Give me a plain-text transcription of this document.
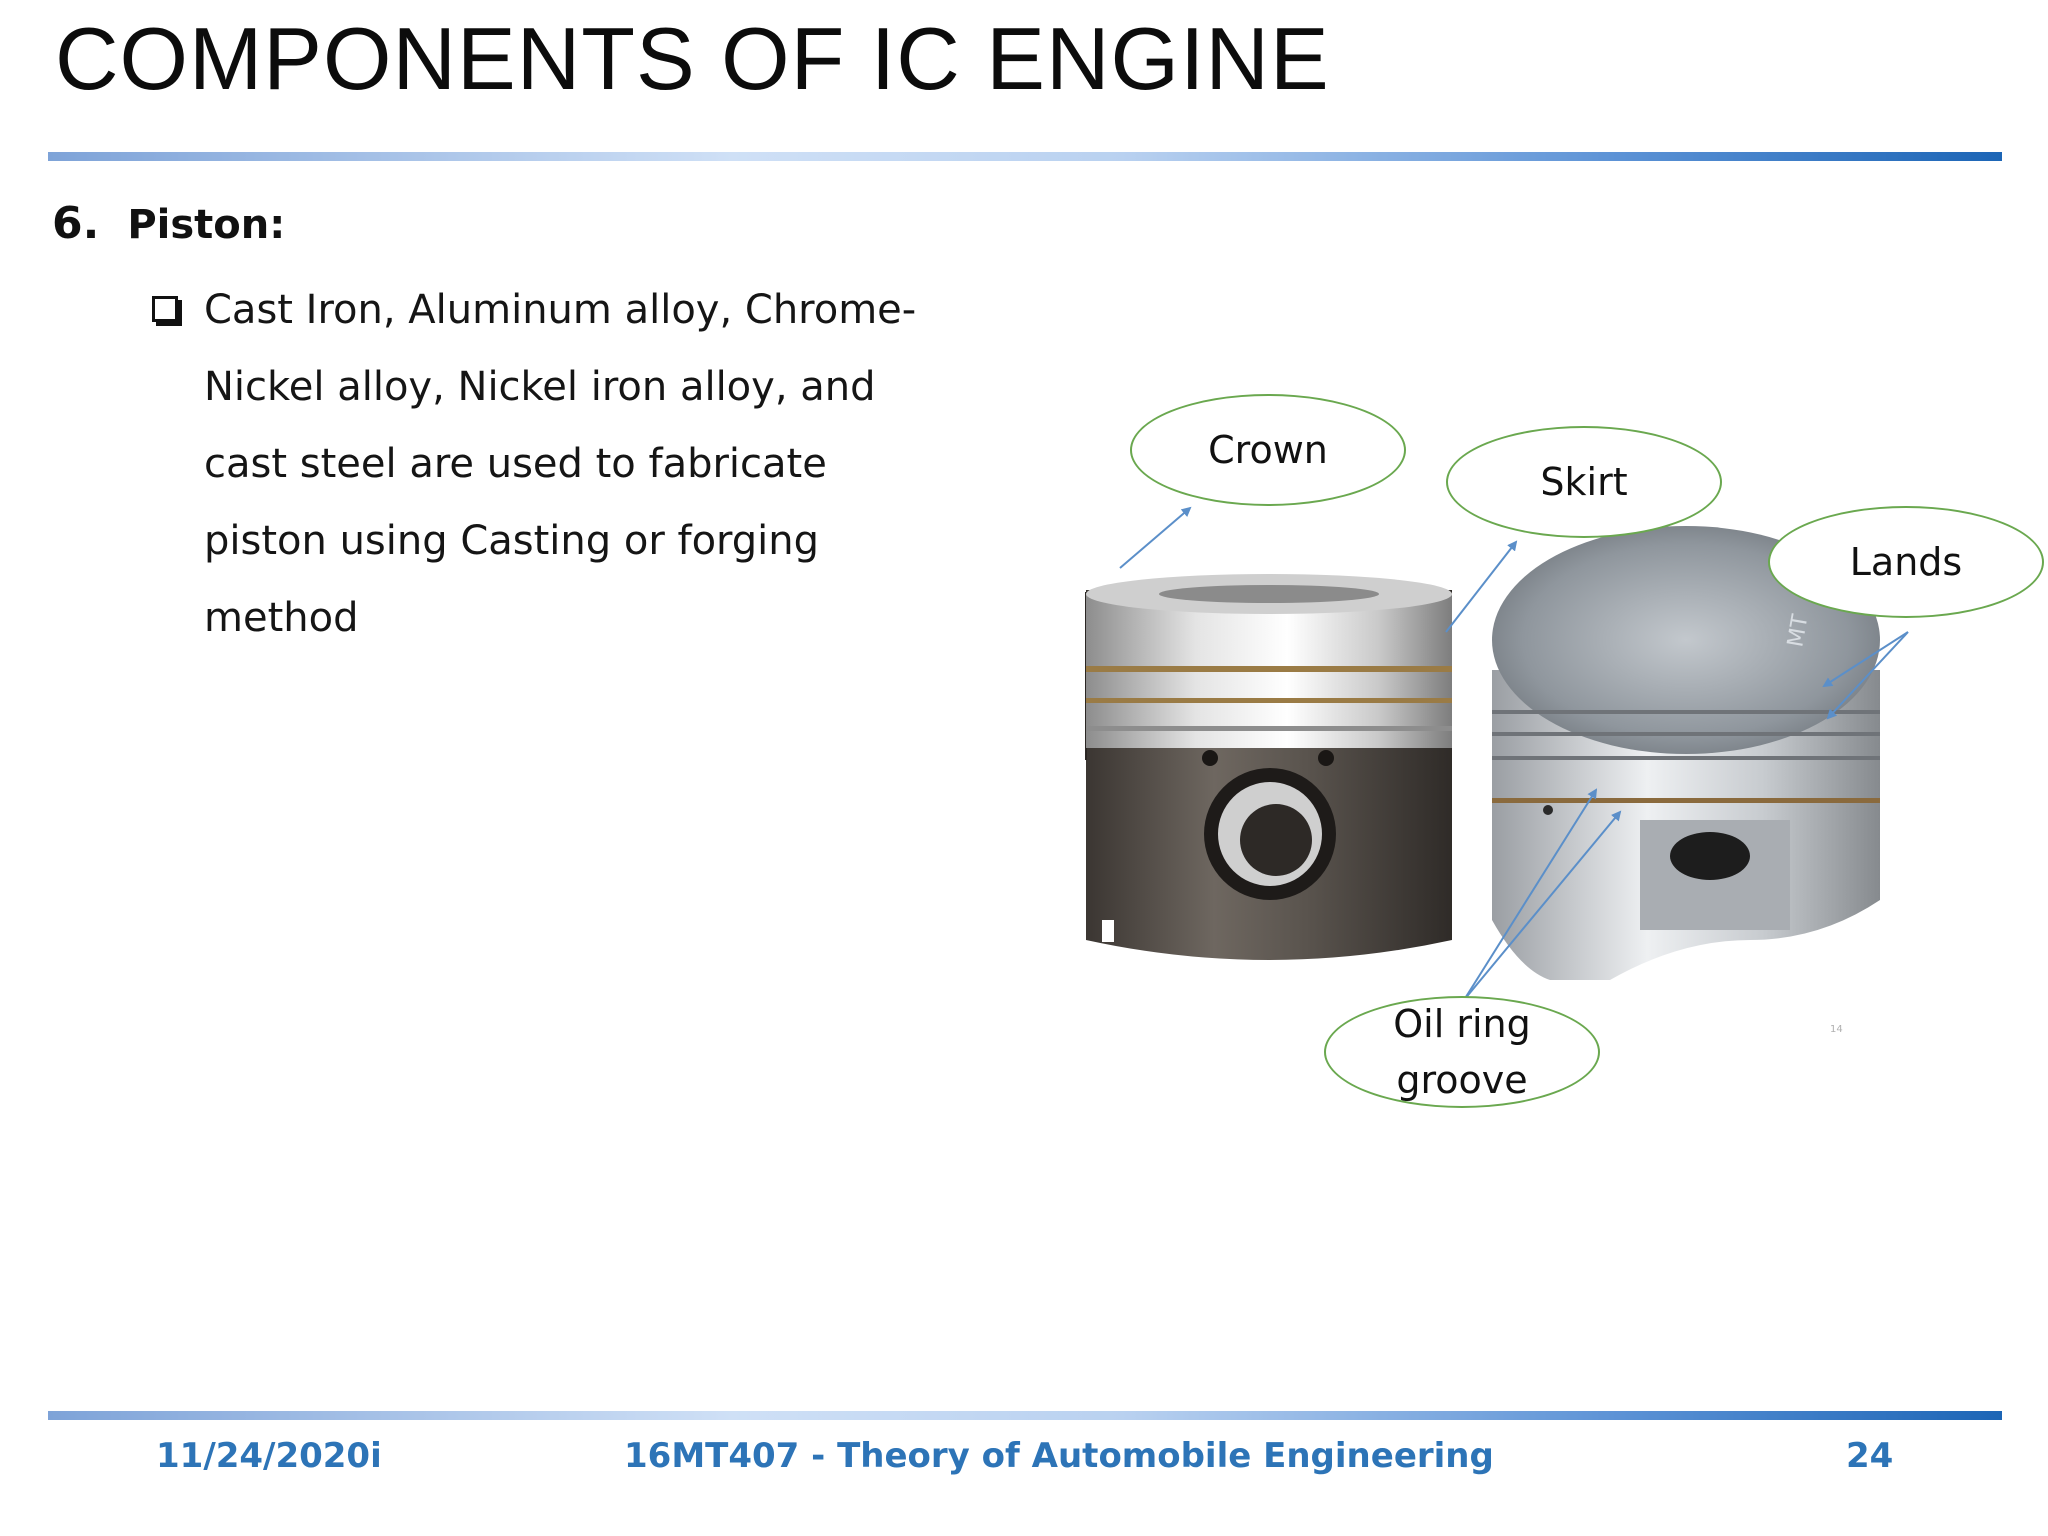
COMPONENTS OF IC ENGINE
6. Piston:
Cast Iron, Aluminum alloy, Chrome-
Nickel alloy, Nickel iron alloy, and
cast steel are used to fabricate
piston using Casting or forging
method	MT
14
Crown
Skirt
Lands
Oil ring
groove
11/24/2020i	16MT407 - Theory of Automobile Engineering	24
